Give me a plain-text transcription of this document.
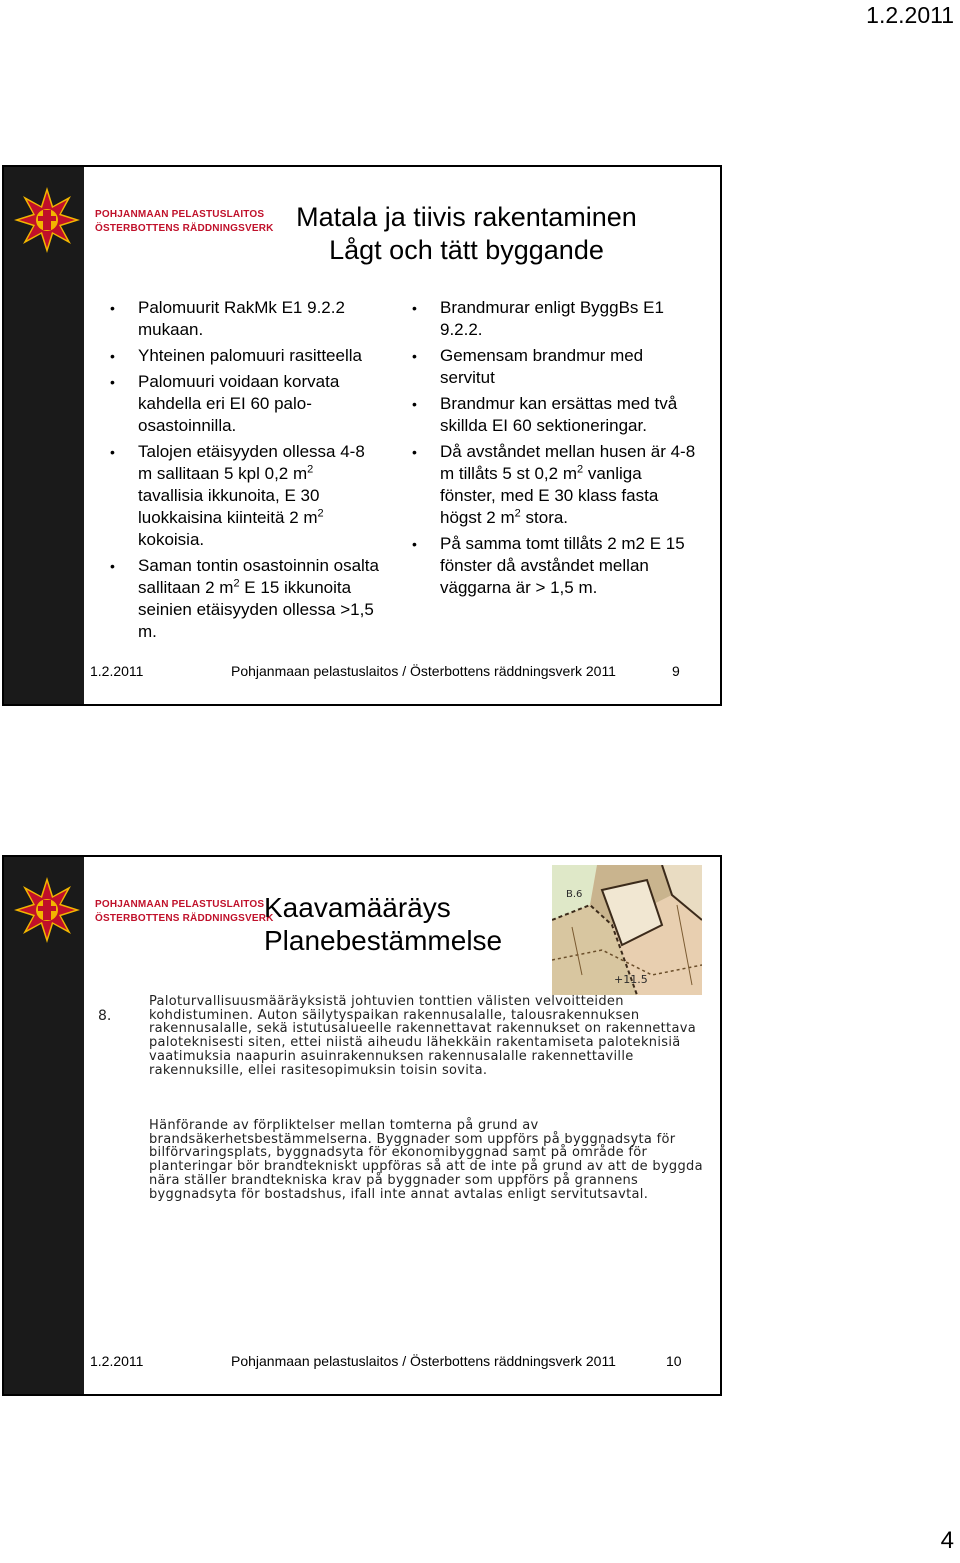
1.2.2011
POHJANMAAN PELASTUSLAITOS
ÖSTERBOTTENS RÄDDNINGSVERK Matala ja tiivis rakentaminen
Lågt och tätt byggande
• Palomuurit RakMk E1 9.2.2 mukaan.
• Yhteinen palomuuri rasitteella
• Palomuuri voidaan korvata kahdella eri EI 60 palo-osastoinnilla.
• Talojen etäisyyden ollessa 4-8 m sallitaan 5 kpl 0,2 $m^2$ tavallisia ikkunoita, E 30 luokkaisina kiinteitä 2 $m^2$ kokoisia.
• Saman tontin osastoinnin osalta sallitaan 2 $m^2$ E 15 ikkunoita seinien etäisyyden ollessa >1,5 m.
• Brandmurar enligt ByggBs E1 9.2.2.
• Gemensam brandmur med servitut
• Brandmur kan ersättas med två skillda EI 60 sektioneringar.
• Då avståndet mellan husen är 4-8 m tillåts 5 st 0,2 $m^2$ vanliga fönster, med E 30 klass fasta högst 2 $m^2$ stora.
• På samma tomt tillåts 2 m2 E 15 fönster då avståndet mellan väggarna är > 1,5 m.
1.2.2011	Pohjanmaan pelastuslaitos / Österbottens räddningsverk 2011	9
POHJANMAAN PELASTUSLAITOS
ÖSTERBOTTENS RÄDDNINGSVERK
Kaavamääräys
Planebestämmelse
B.6
+11.5
8.
Paloturvallisuusmääräyksistä johtuvien tonttien välisten velvoitteiden kohdistuminen. Auton säilytyspaikan rakennusalalle, talousrakennuksen rakennusalalle, sekä istutusalueelle rakennettavat rakennukset on rakennettava paloteknisesti siten, ettei niistä aiheudu lähekkäin rakentamiseta paloteknisiä vaatimuksia naapurin asuinrakennuksen rakennusalalle rakennettaville rakennuksille, ellei rasitesopimuksin toisin sovita.
Hänförande av förpliktelser mellan tomterna på grund av brandsäkerhetsbestämmelserna. Byggnader som uppförs på byggnadsyta för bilförvaringsplats, byggnadsyta för ekonomibyggnad samt på område för planteringar bör brandtekniskt uppföras så att de inte på grund av att de byggda nära ställer brandtekniska krav på byggnader som uppförs på grannens byggnadsyta för bostadshus, ifall inte annat avtalas enligt servitutsavtal.
1.2.2011	Pohjanmaan pelastuslaitos / Österbottens räddningsverk 2011	10
4
